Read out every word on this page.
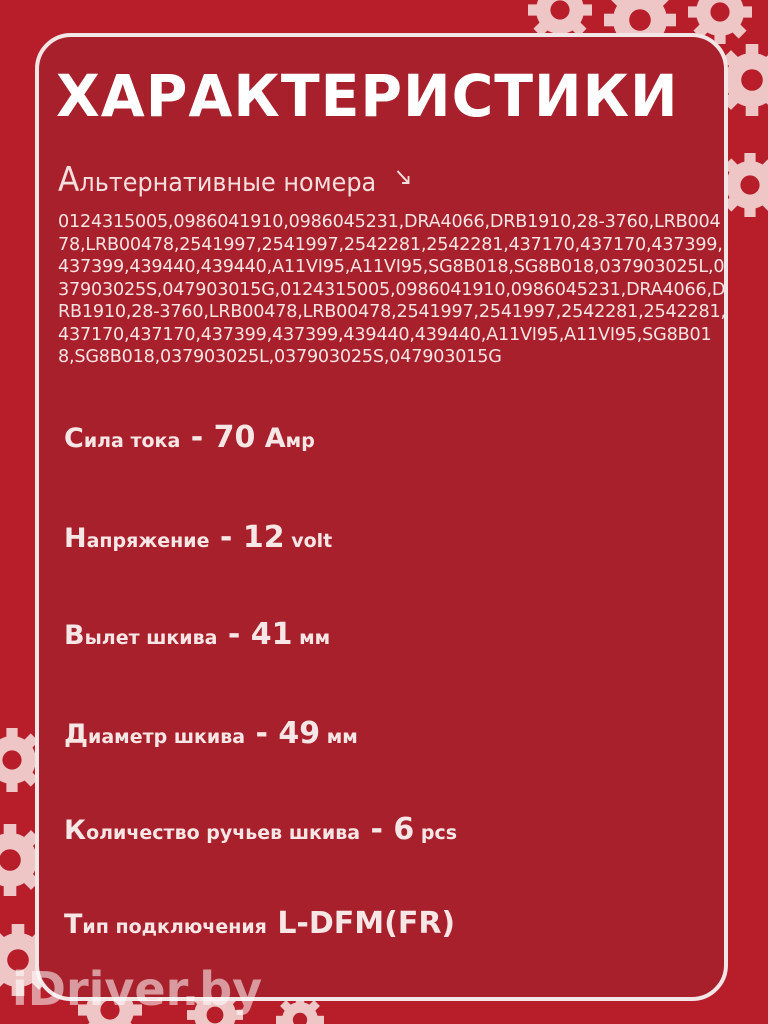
ХАРАКТЕРИСТИКИ
Альтернативные номера
0124315005,0986041910,0986045231,DRA4066,DRB1910,28-3760,LRB00478,LRB00478,2541997,2541997,2542281,2542281,437170,437170,437399,437399,439440,439440,A11VI95,A11VI95,SG8B018,SG8B018,037903025L,037903025S,047903015G,0124315005,0986041910,0986045231,DRA4066,DRB1910,28-3760,LRB00478,LRB00478,2541997,2541997,2542281,2542281,437170,437170,437399,437399,439440,439440,A11VI95,A11VI95,SG8B018,SG8B018,037903025L,037903025S,047903015G
Сила тока - 70 Амр
Напряжение - 12 volt
Вылет шкива - 41 мм
Диаметр шкива - 49 мм
Количество ручьев шкива - 6 pcs
Тип подключения L-DFM(FR)
iDriver.by
